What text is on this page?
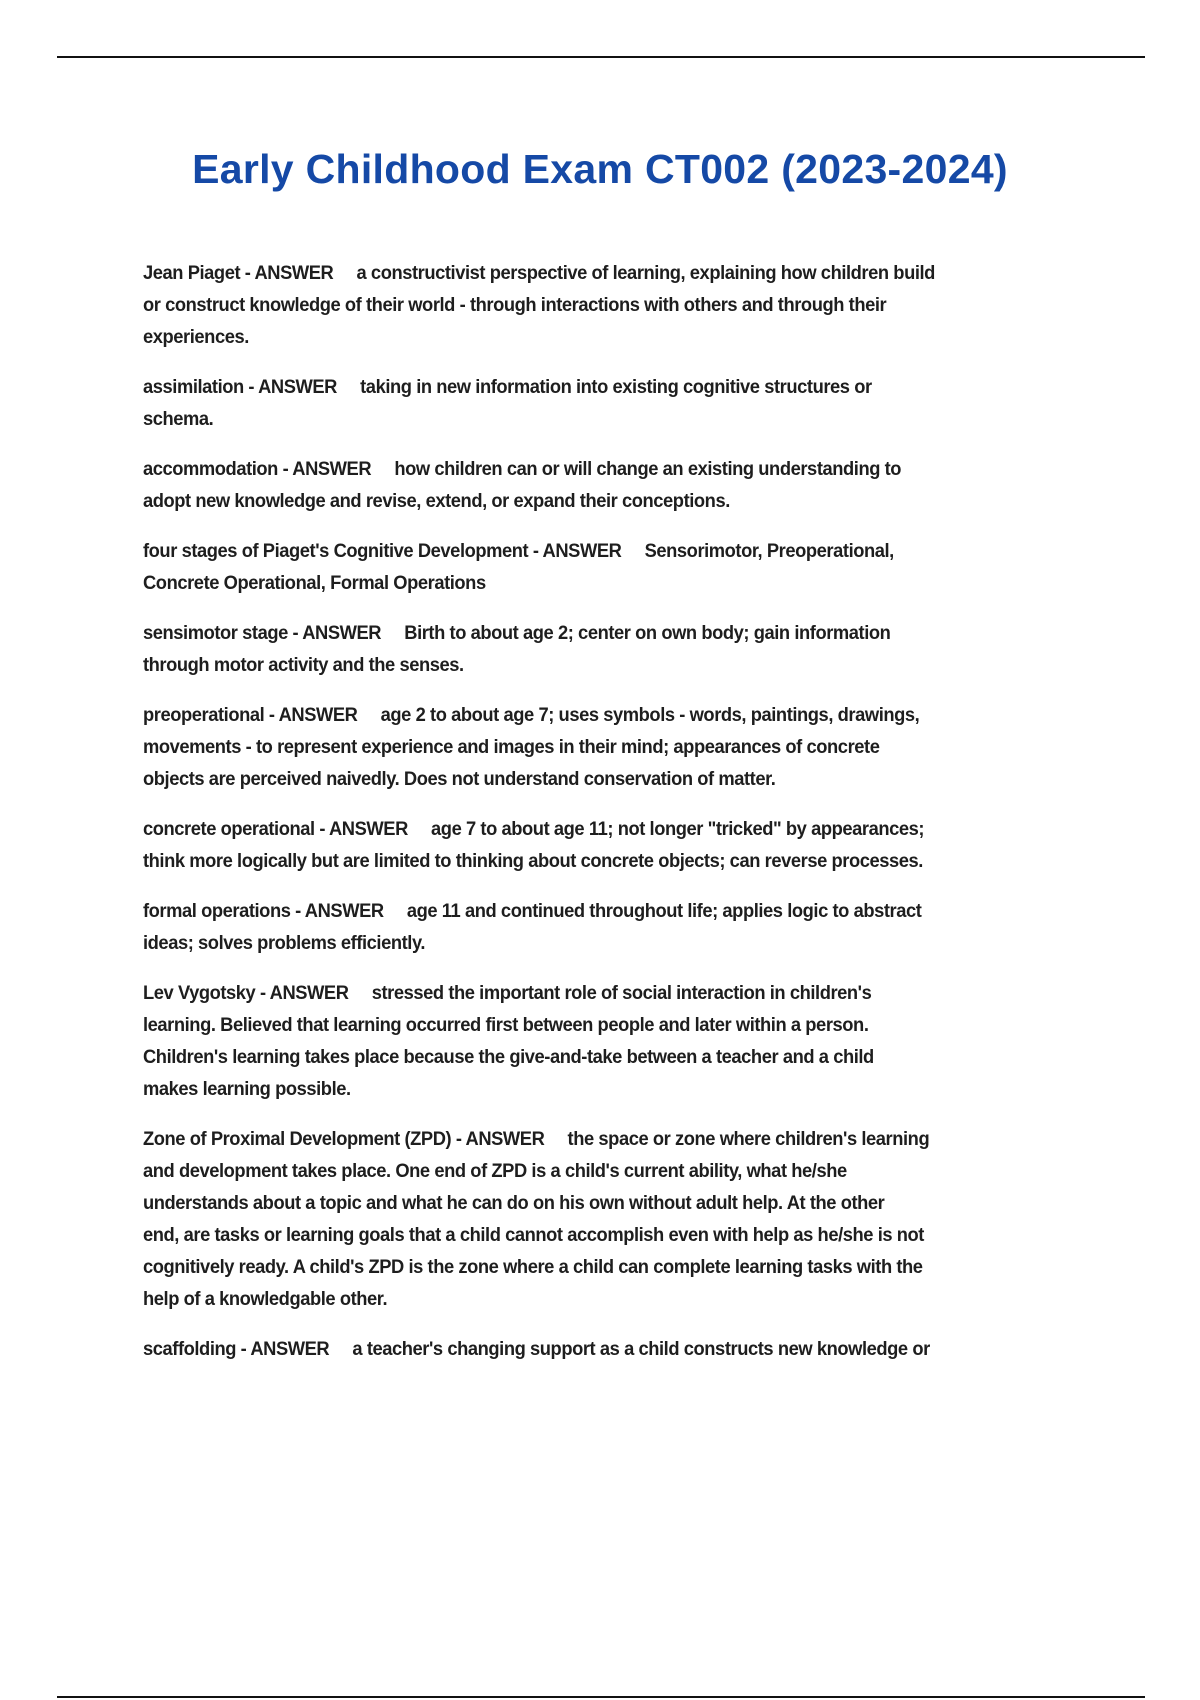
Early Childhood Exam CT002 (2023-2024)
Jean Piaget - ANSWER a constructivist perspective of learning, explaining how children build
or construct knowledge of their world - through interactions with others and through their
experiences.
assimilation - ANSWER taking in new information into existing cognitive structures or
schema.
accommodation - ANSWER how children can or will change an existing understanding to
adopt new knowledge and revise, extend, or expand their conceptions.
four stages of Piaget's Cognitive Development - ANSWER Sensorimotor, Preoperational,
Concrete Operational, Formal Operations
sensimotor stage - ANSWER Birth to about age 2; center on own body; gain information
through motor activity and the senses.
preoperational - ANSWER age 2 to about age 7; uses symbols - words, paintings, drawings,
movements - to represent experience and images in their mind; appearances of concrete
objects are perceived naivedly. Does not understand conservation of matter.
concrete operational - ANSWER age 7 to about age 11; not longer "tricked" by appearances;
think more logically but are limited to thinking about concrete objects; can reverse processes.
formal operations - ANSWER age 11 and continued throughout life; applies logic to abstract
ideas; solves problems efficiently.
Lev Vygotsky - ANSWER stressed the important role of social interaction in children's
learning. Believed that learning occurred first between people and later within a person.
Children's learning takes place because the give-and-take between a teacher and a child
makes learning possible.
Zone of Proximal Development (ZPD) - ANSWER the space or zone where children's learning
and development takes place. One end of ZPD is a child's current ability, what he/she
understands about a topic and what he can do on his own without adult help. At the other
end, are tasks or learning goals that a child cannot accomplish even with help as he/she is not
cognitively ready. A child's ZPD is the zone where a child can complete learning tasks with the
help of a knowledgable other.
scaffolding - ANSWER a teacher's changing support as a child constructs new knowledge or
